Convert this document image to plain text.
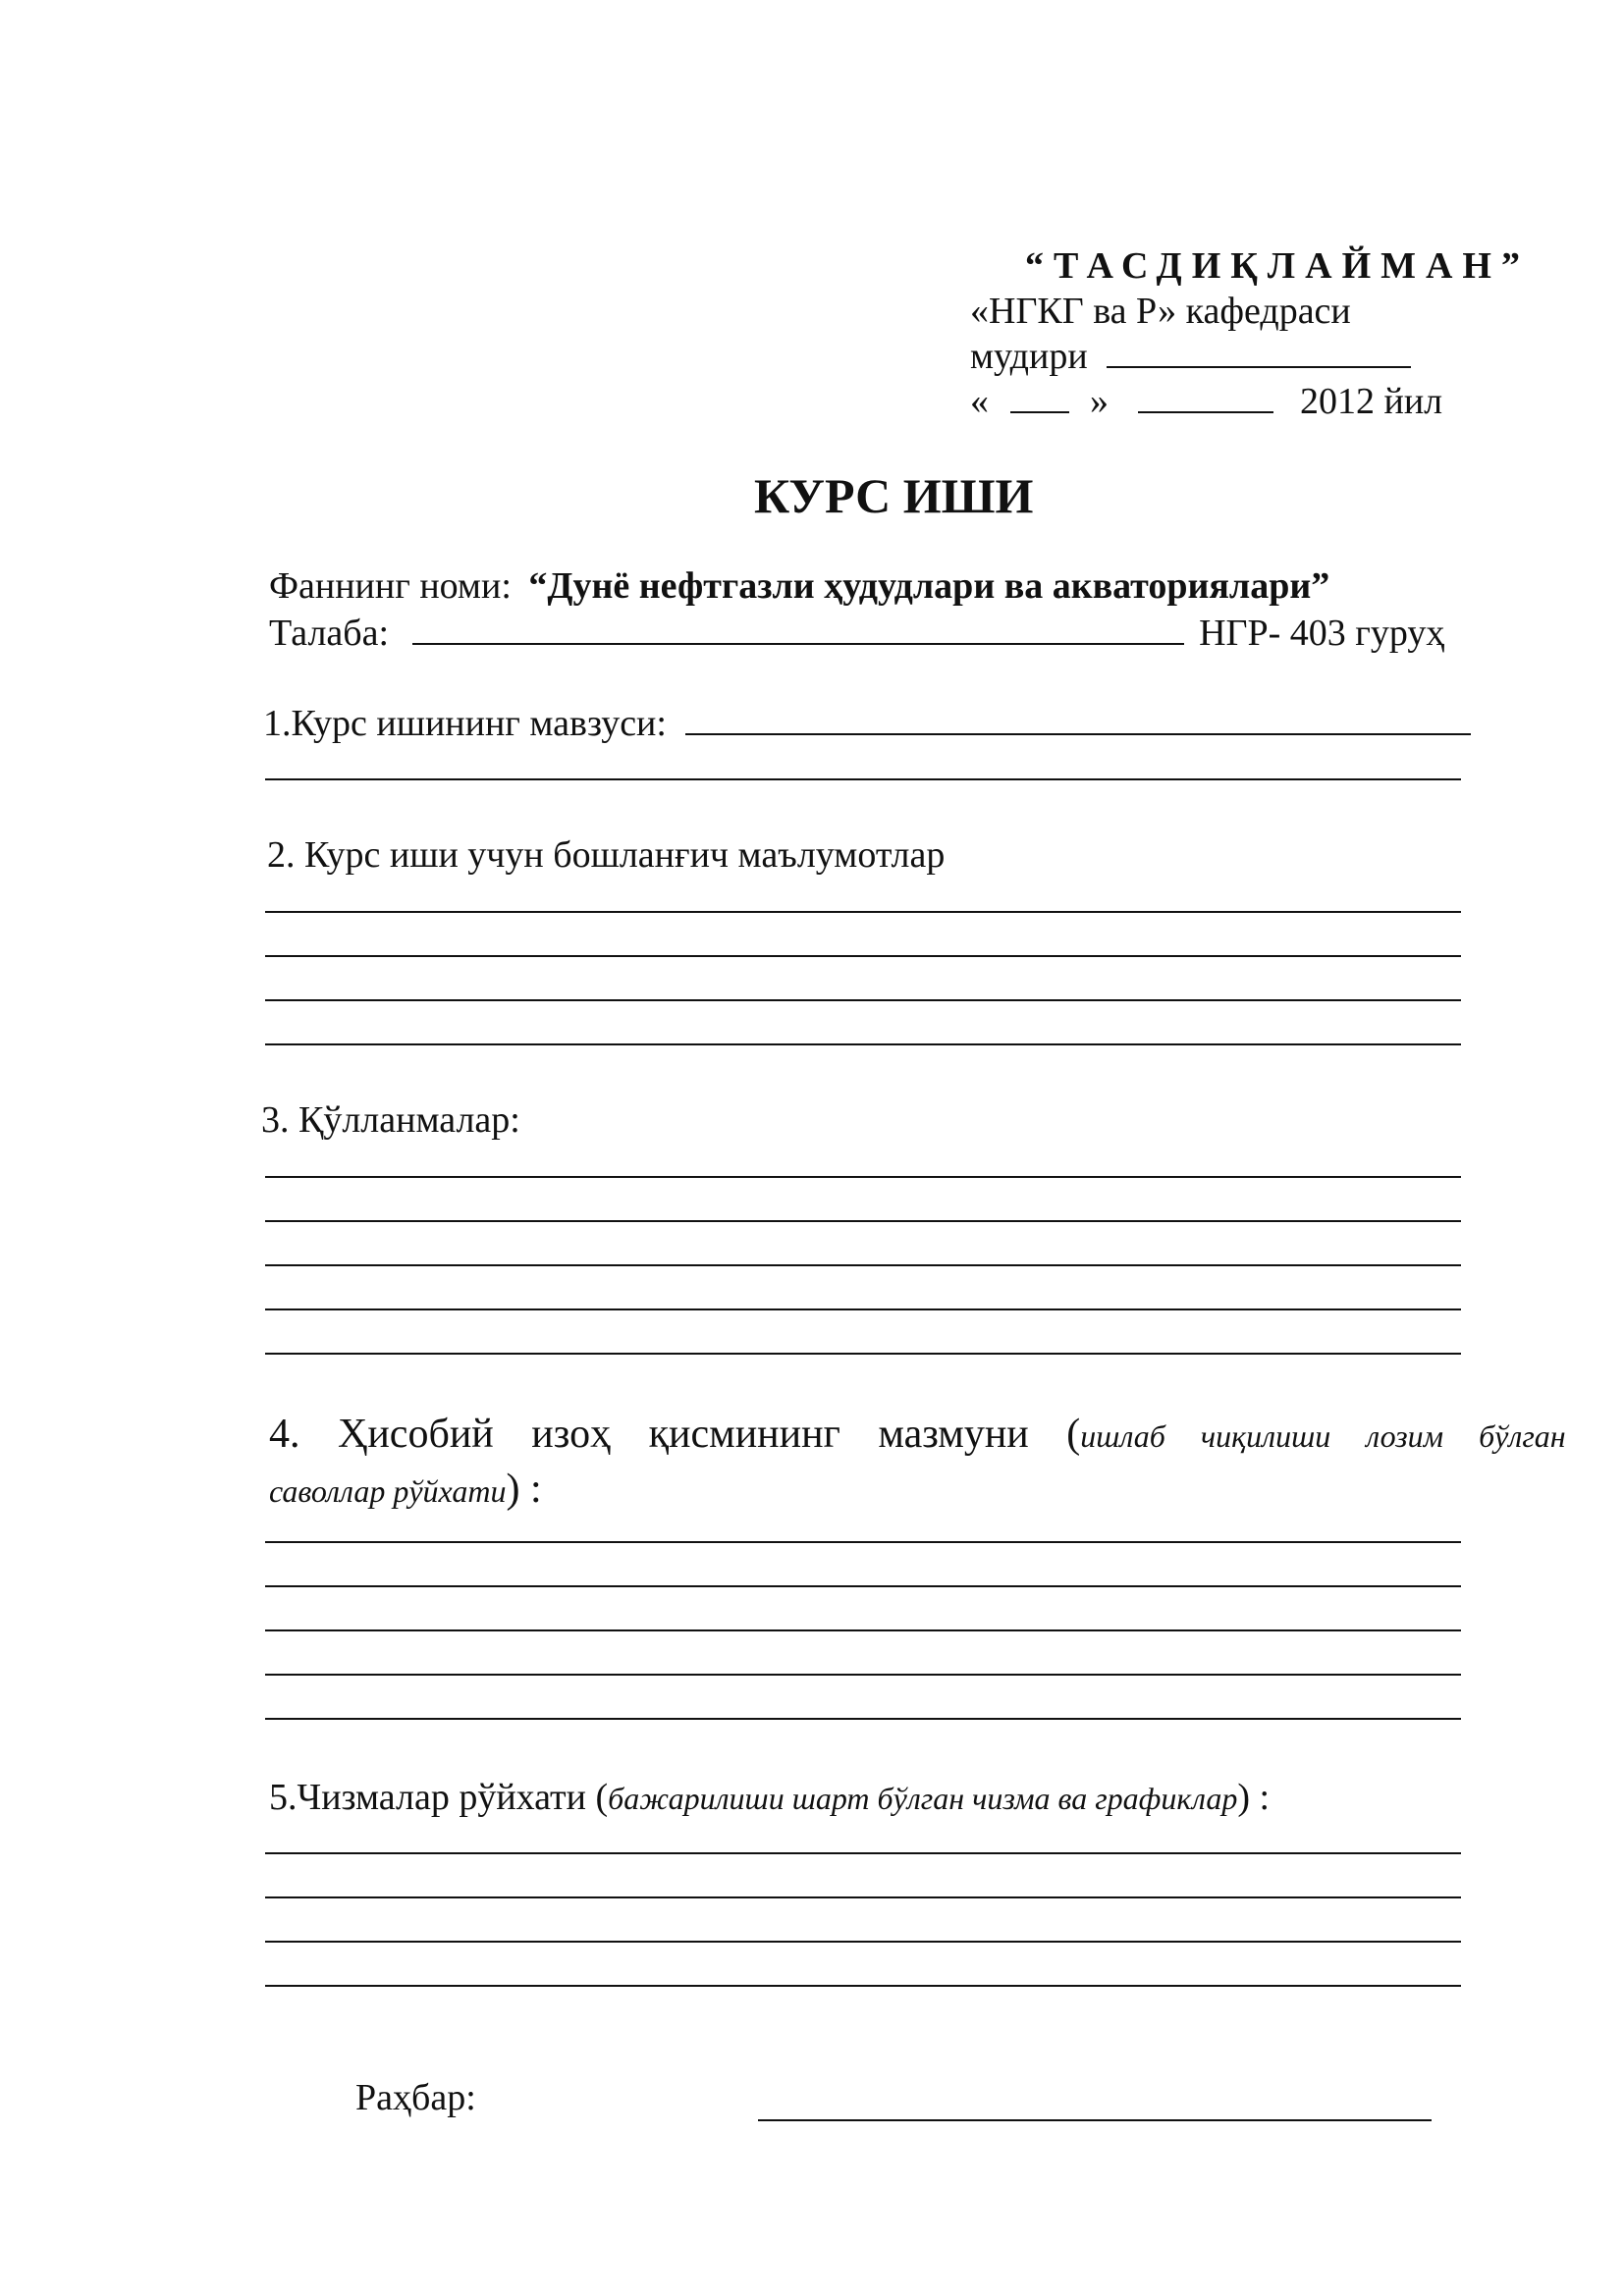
“ТАСДИҚЛАЙМАН”
«НГКГ ва Р» кафедраси
мудири
«	»	2012 йил
КУРС ИШИ
Фаннинг номи: “Дунё нефтгазли ҳудудлари ва акваториялари”
Талаба:	НГР- 403 гуруҳ
1.Курс ишининг мавзуси:
2. Курс иши учун бошланғич маълумотлар
3. Қўлланмалар:
4. Ҳисобий изоҳ қисмининг мазмуни (ишлаб чиқилиши лозим бўлган
саволлар рўйхати) :
5.Чизмалар рўйхати (бажарилиши шарт бўлган чизма ва графиклар) :
Раҳбар:
